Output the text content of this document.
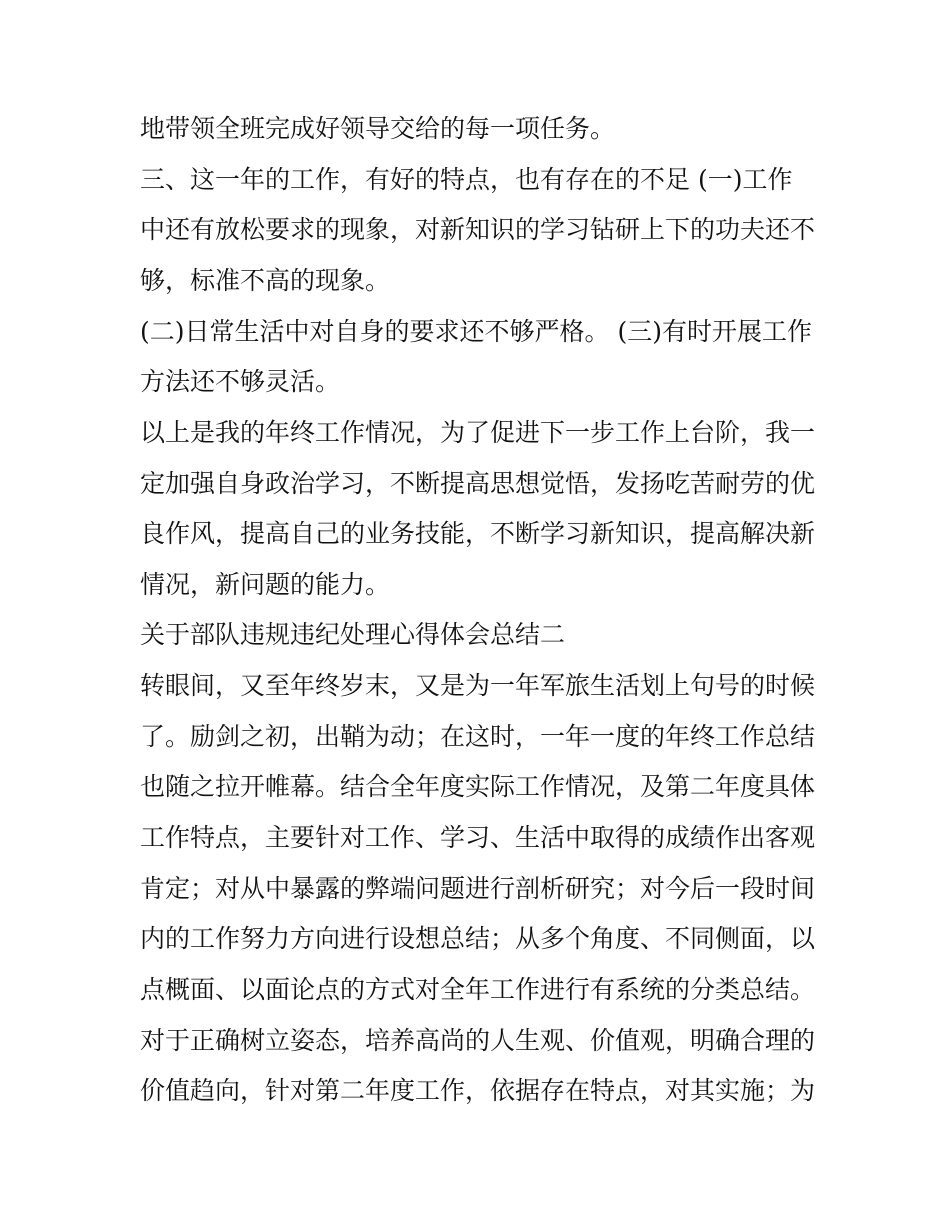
地带领全班完成好领导交给的每一项任务。
三、这一年的工作，有好的特点，也有存在的不足 (一)工作
中还有放松要求的现象，对新知识的学习钻研上下的功夫还不
够，标准不高的现象。
(二)日常生活中对自身的要求还不够严格。 (三)有时开展工作
方法还不够灵活。
以上是我的年终工作情况，为了促进下一步工作上台阶，我一
定加强自身政治学习，不断提高思想觉悟，发扬吃苦耐劳的优
良作风，提高自己的业务技能，不断学习新知识，提高解决新
情况，新问题的能力。
关于部队违规违纪处理心得体会总结二
转眼间，又至年终岁末，又是为一年军旅生活划上句号的时候
了。励剑之初，出鞘为动；在这时，一年一度的年终工作总结
也随之拉开帷幕。结合全年度实际工作情况，及第二年度具体
工作特点，主要针对工作、学习、生活中取得的成绩作出客观
肯定；对从中暴露的弊端问题进行剖析研究；对今后一段时间
内的工作努力方向进行设想总结；从多个角度、不同侧面，以
点概面、以面论点的方式对全年工作进行有系统的分类总结。
对于正确树立姿态，培养高尚的人生观、价值观，明确合理的
价值趋向，针对第二年度工作，依据存在特点，对其实施；为
